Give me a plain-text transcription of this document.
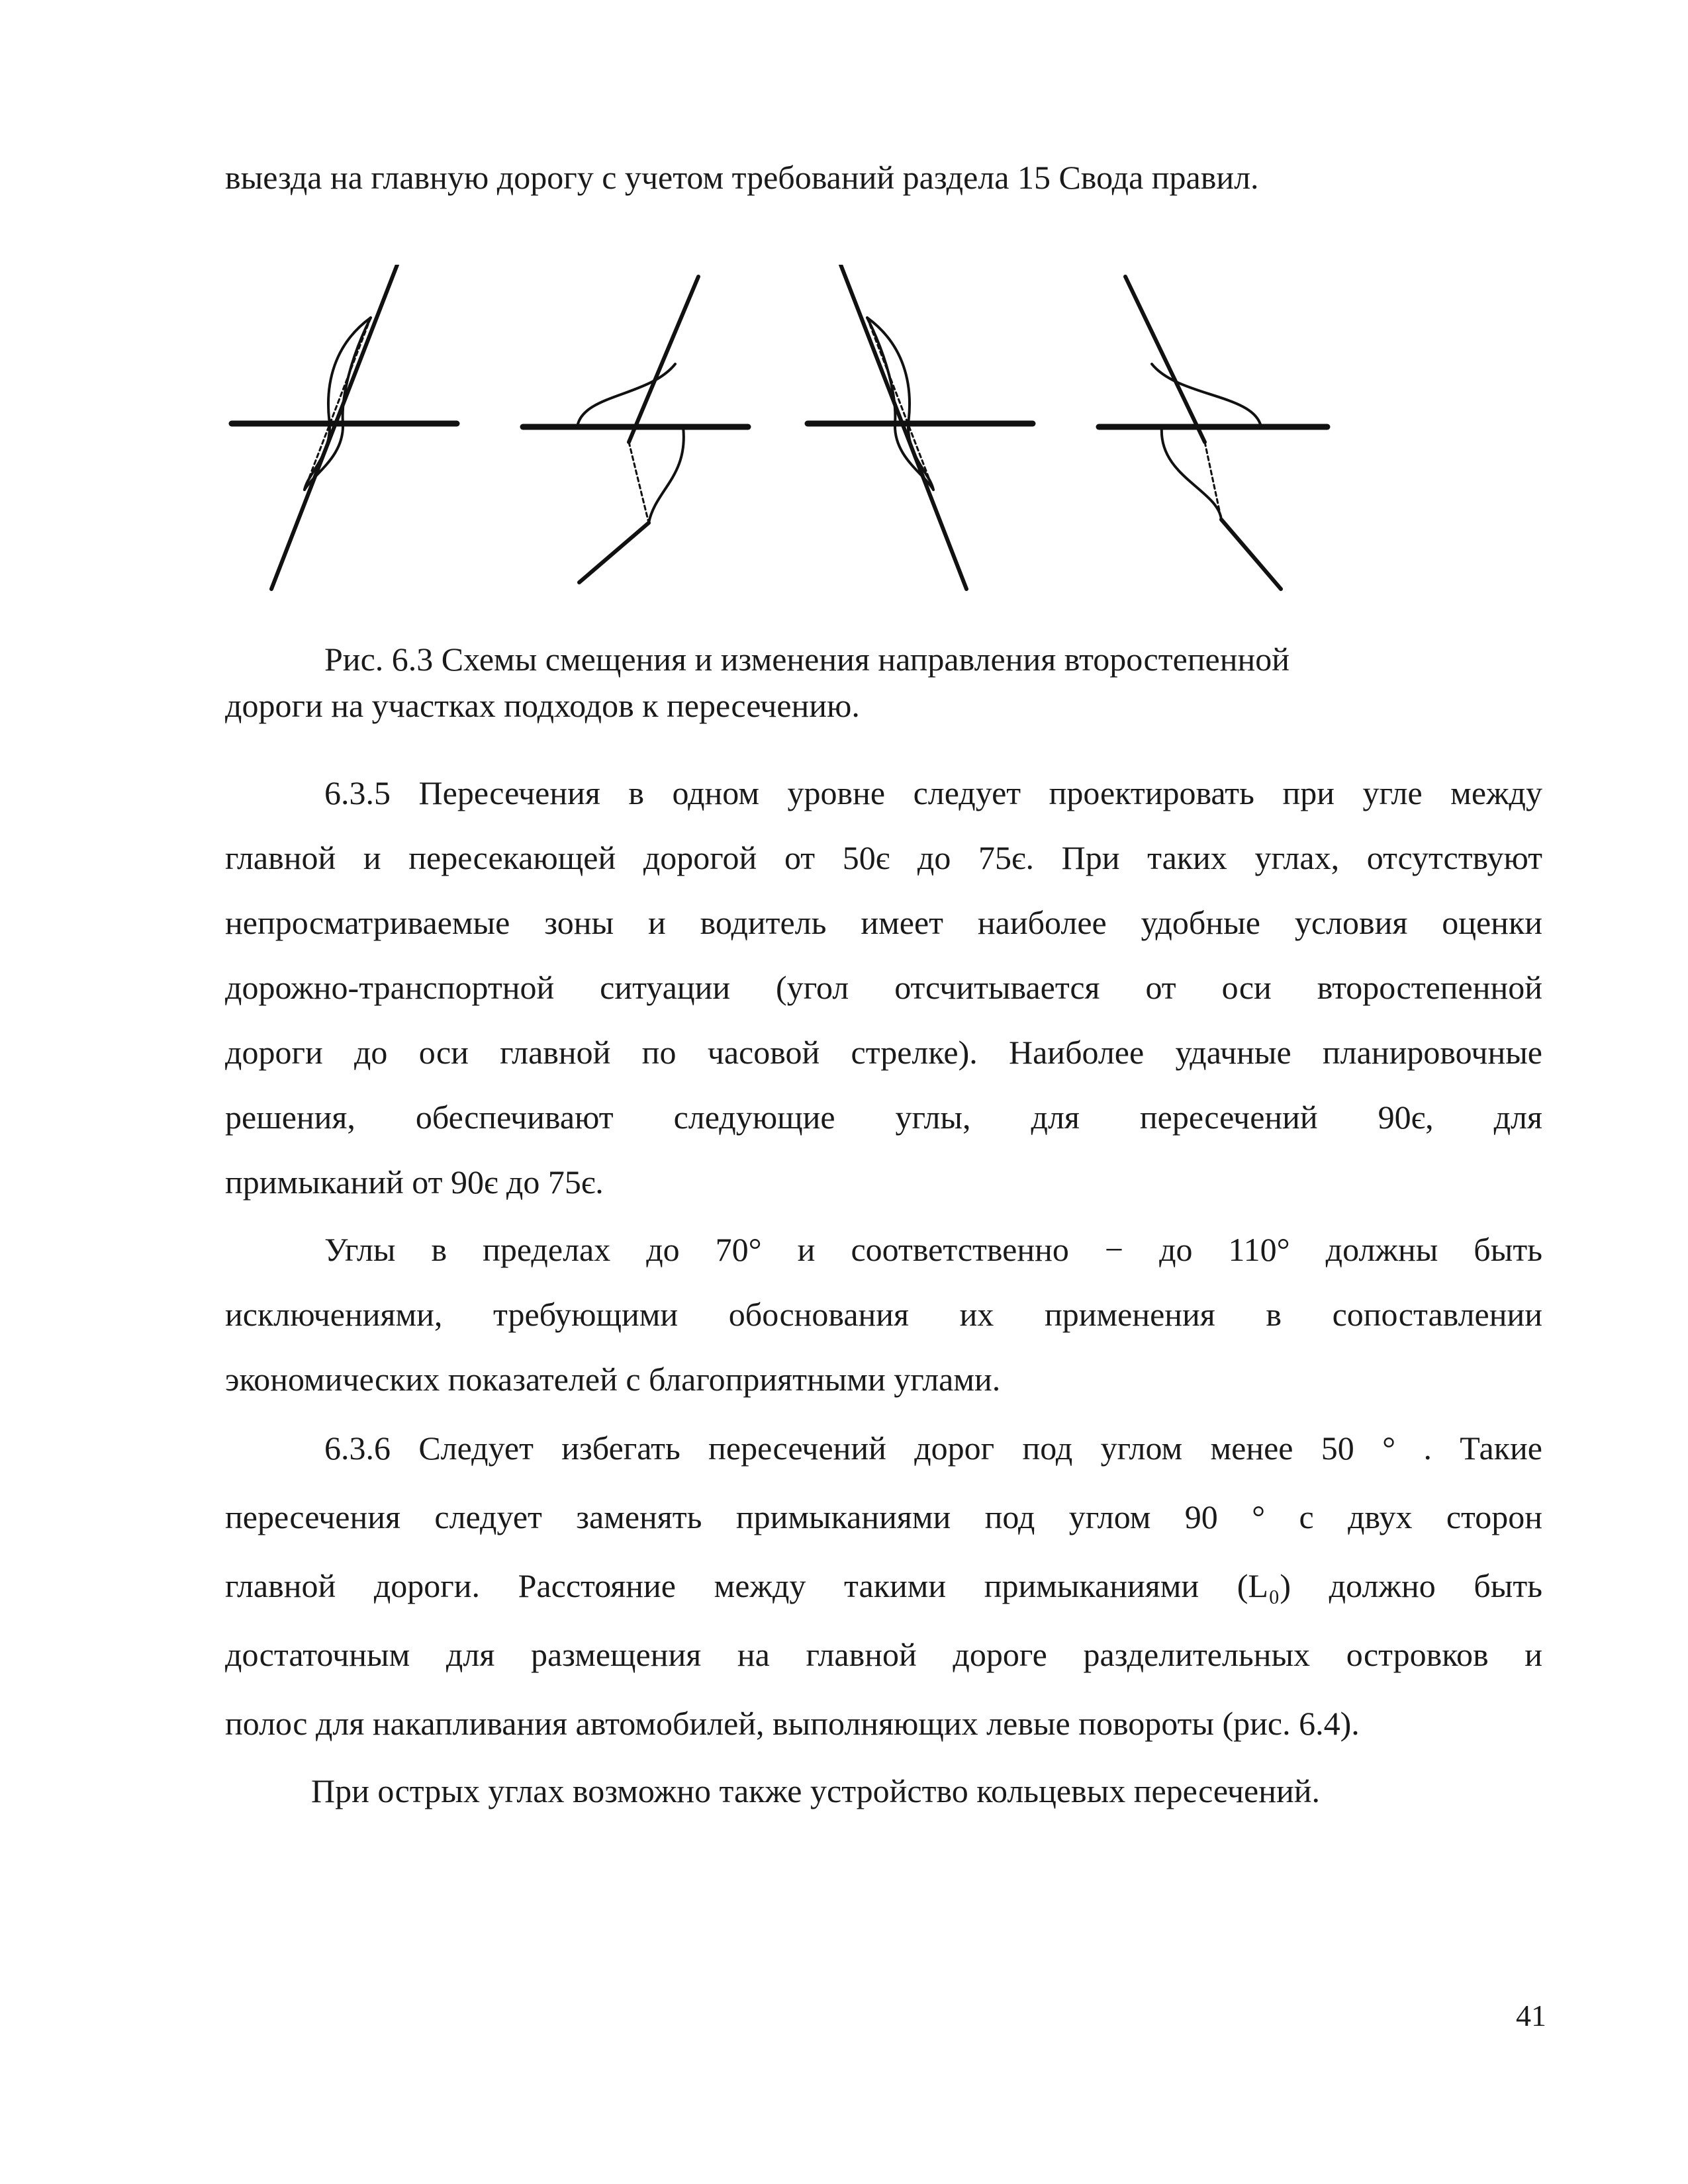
выезда на главную дорогу с учетом требований раздела 15 Свода правил.

Рис. 6.3 Схемы смещения и изменения направления второстепенной

дороги на участках подходов к пересечению.

6.3.5 Пересечения в одном уровне следует проектировать при угле между

главной и пересекающей дорогой от 50є до 75є. При таких углах, отсутствуют

непросматриваемые зоны и водитель имеет наиболее удобные условия оценки

дорожно-транспортной ситуации (угол отсчитывается от оси второстепенной

дороги до оси главной по часовой стрелке). Наиболее удачные планировочные

решения, обеспечивают следующие углы, для пересечений 90є, для

примыканий от 90є до 75є.

Углы в пределах до 70° и соответственно − до 110° должны быть

исключениями, требующими обоснования их применения в сопоставлении

экономических показателей с благоприятными углами.

6.3.6 Следует избегать пересечений дорог под углом менее 50 ° . Такие

пересечения следует заменять примыканиями под углом 90 ° с двух сторон

главной дороги. Расстояние между такими примыканиями (L₀) должно быть

достаточным для размещения на главной дороге разделительных островков и

полос для накапливания автомобилей, выполняющих левые повороты (рис. 6.4).

При острых углах возможно также устройство кольцевых пересечений.

41
